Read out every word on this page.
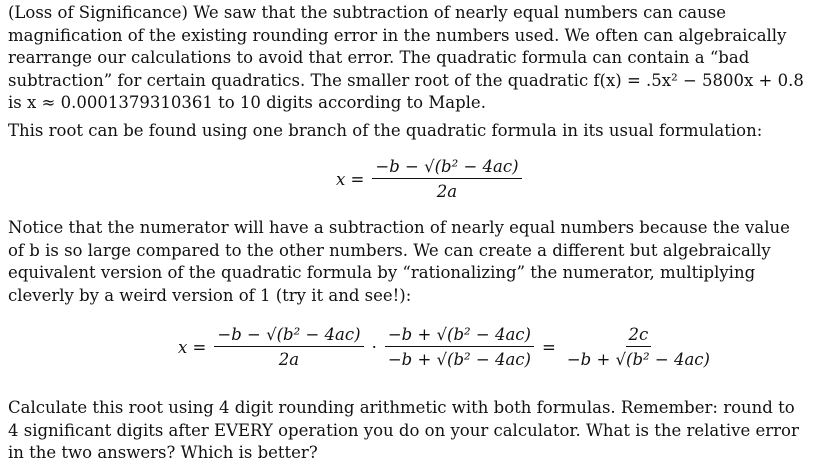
(Loss of Significance) We saw that the subtraction of nearly equal numbers can cause magnification of the existing rounding error in the numbers used. We often can algebraically rearrange our calculations to avoid that error. The quadratic formula can contain a “bad subtraction” for certain quadratics. The smaller root of the quadratic f(x) = .5x² − 5800x + 0.8 is x ≈ 0.0001379310361 to 10 digits according to Maple.

This root can be found using one branch of the quadratic formula in its usual formulation:

$x = \frac{\text{−b − √(b² − 4ac)}}{2a}$

Notice that the numerator will have a subtraction of nearly equal numbers because the value of b is so large compared to the other numbers. We can create a different but algebraically equivalent version of the quadratic formula by “rationalizing” the numerator, multiplying cleverly by a weird version of 1 (try it and see!):

$x = \frac{\text{−b − √(b² − 4ac)}}{2a} \cdot \frac{\text{−b + √(b² − 4ac)}}{\text{−b + √(b² − 4ac)}} = \frac{2c}{\text{−b + √(b² − 4ac)}}$

Calculate this root using 4 digit rounding arithmetic with both formulas. Remember: round to 4 significant digits after EVERY operation you do on your calculator. What is the relative error in the two answers? Which is better?
